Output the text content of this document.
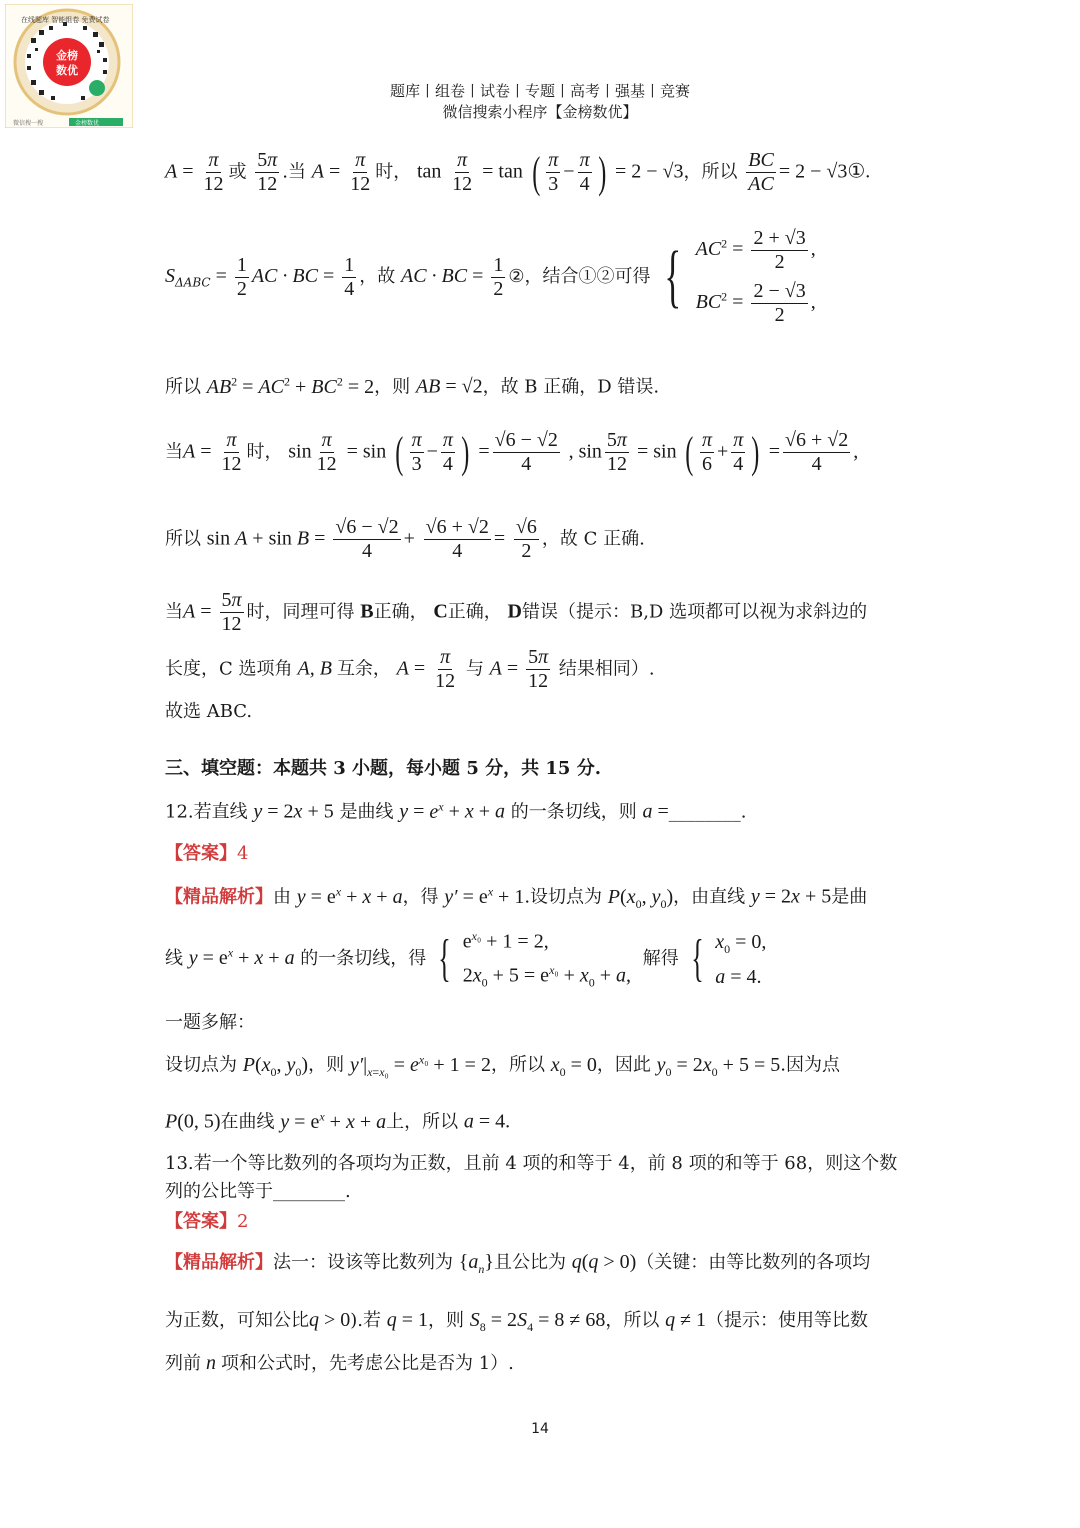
金榜
数优
金榜数优
微信搜一搜
在线题库 智能组卷 免费试卷
题库丨组卷丨试卷丨专题丨高考丨强基丨竞赛
微信搜索小程序【金榜数优】
$A = \frac{\pi}{12}$ 或 $\frac{5\pi}{12}$ .当 $A = \frac{\pi}{12}$ 时， $\tan \frac{\pi}{12} = \tan$ ( $\frac{\pi}{3} - \frac{\pi}{4}$ ) = 2 − √3，所以 $\frac{BC}{AC} = 2$ − √3①.
$S_{\Delta ABC} = \frac{1}{2}$ AC · BC = $\frac{1}{4}$ ，故 AC · BC = $\frac{1}{2}$ ②，结合①②可得 { $AC^2 = \frac{2 + √3}{2}$ ,
$BC^2 = \frac{2 - √3}{2}$ ,
所以 $AB^2 = AC^2 + BC^2 = 2$，则 AB = √2，故 B 正确，D 错误.
当$A = \frac{\pi}{12}$ 时， $\sin \frac{\pi}{12} = \sin$ ( $\frac{\pi}{3} - \frac{\pi}{4}$ ) = $\frac{√6 - √2}{4}$ , $\sin \frac{5\pi}{12} = \sin$ ( $\frac{\pi}{6} + \frac{\pi}{4}$ ) = $\frac{√6 + √2}{4}$ ,
所以 $\sin A + \sin B = \frac{√6 - √2}{4} + \frac{√6 + √2}{4} = \frac{√6}{2}$ ，故 C 正确.
当$A = \frac{5\pi}{12}$ 时，同理可得 B正确， C正确， D错误（提示：B,D 选项都可以视为求斜边的
长度，C 选项角 A, B 互余， $A = \frac{\pi}{12}$ 与 $A = \frac{5\pi}{12}$ 结果相同）.
故选 ABC.
三、填空题：本题共 3 小题，每小题 5 分，共 15 分.
12.若直线 y = 2x + 5 是曲线 $y = e^x + x + a$ 的一条切线，则 a =________.
【答案】4
【精品解析】由 $y = e^x + x + a$，得 $y' = e^x + 1$.设切点为 $P(x_0$, $y_0$)，由直线 y = 2x + 5是曲
线 $y = e^x + x + a$ 的一条切线，得 { $e^{x_0} + 1 = 2$,
$2x_0 + 5 = e^{x_0} + x_0 + a$,
解得 { $x_0 = 0$,
a = 4.
一题多解：
设切点为 $P(x_0$, $y_0$)，则 $y'|_{x=x_0} = e^{x_0} + 1 = 2$，所以 $x_0 = 0$，因此 $y_0 = 2x_0 + 5 = 5$.因为点
P(0, 5)在曲线 $y = e^x + x + a$上，所以 a = 4.
13.若一个等比数列的各项均为正数，且前 4 项的和等于 4，前 8 项的和等于 68，则这个数
列的公比等于________.
【答案】2
【精品解析】法一：设该等比数列为 $\{a_n\}$且公比为 q(q > 0)（关键：由等比数列的各项均
为正数，可知公比q > 0).若 q = 1，则 $S_8 = 2S_4 = 8 \ne 68$，所以 q ≠ 1（提示：使用等比数
列前 n 项和公式时，先考虑公比是否为 1）.
14
